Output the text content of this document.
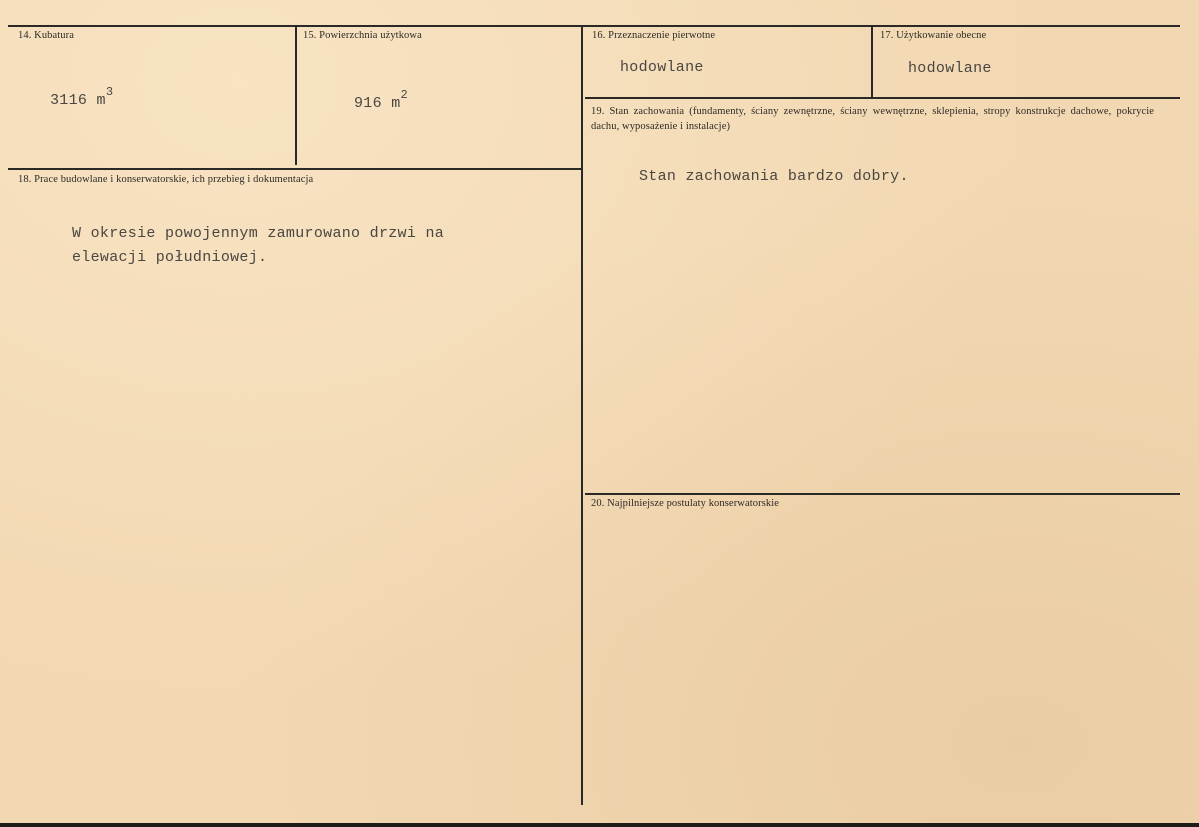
14. Kubatura
3116 $m^3$
15. Powierzchnia użytkowa
916 $m^2$
16. Przeznaczenie pierwotne
hodowlane
17. Użytkowanie obecne
hodowlane
18. Prace budowlane i konserwatorskie, ich przebieg i dokumentacja
W okresie powojennym zamurowano drzwi na elewacji południowej.
19. Stan zachowania (fundamenty, ściany zewnętrzne, ściany wewnętrzne, sklepienia, stropy konstrukcje dachowe, pokrycie dachu, wyposażenie i instalacje)
Stan zachowania bardzo dobry.
20. Najpilniejsze postulaty konserwatorskie
